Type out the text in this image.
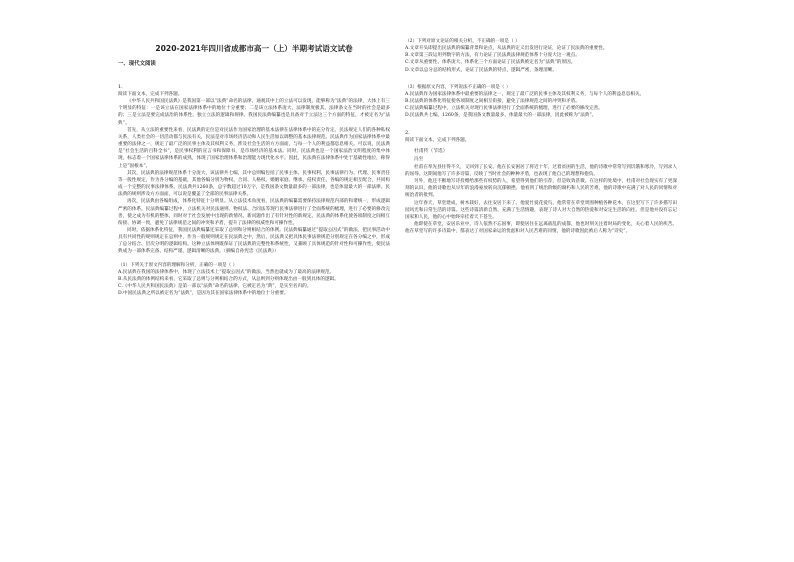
2020-2021年四川省成都市高一（上）半期考试语文试卷
一、现代文阅读
1.

阅读下面文本，完成下列各题。

《中华人民共和国民法典》是我国第一部以“法典”命名的法律，通观其中上的立法可以发现，能够称为“法典”的法律，大体上有三个明显的特征：一是该立法在国家法律体系中的地位十分重要；二是该立法体系庞大，法律制度极其，法律条文在当时的社会是最多的；三是立法是要完成法治的体系性，独立立法的逻辑和规律。我国民法典编纂也是具备对于立法这三个方面的特征，才被定名为“法典”。

首先，从立法的重要性来看，民法典的定位是对民法作为国家治理的基本法律在法律体系中的充分肯定。民法规定人们的各种私权关系，人类社会的一切活动都与民法有关，民法是对市场经济活动和人民生活加以调整的基本法律规范。民法典作为国家法律体系中最重要的法律之一，规定了最广泛的民事主体及其权利义务，涉及社会生活的方方面面，与每一个人的利益都息息相关。可以说，民法典是“社会生活的百科全书”，是民事权利的宣言书和保障书，是市场经济的基本法。同时，民法典也是一个国家法治文明程度的集中体现，标志着一个国家法律体系的成熟，体现了国家治理体系和治理能力现代化水平。因此，民法典在法律体系中处于基础性地位，称得上是“固根本”。

其次，民法典的法律规范体系十分庞大，该法律共七编，其中总则编包括了民事主体、民事权利、民事法律行为、代理、民事责任等一般性规定，作为各分编的基础，其他各编分别为物权、合同、人格权、婚姻家庭、继承、侵权责任。各编的规定相互配合，共同构成一个完整的民事法律体系。民法典共1260条，总字数超过10万字，是我国条文数量最多的一部法律，也是体量最大的一部法律。民法典的规则涉及方方面面，可以说是覆盖了全部的民事法律关系。

再次，民法典由各编组成，体系化特征十分明显。从立法技术角度看，民法典的编纂需要保持法律规范内部的和谐统一，形成逻辑严密的体系。民法典编纂过程中，立法机关对民法通则、物权法、合同法等现行民事法律进行了全面系统的梳理，进行了必要的修改完善，使之成为有机的整体，同时对于社会发展中出现的新情况、新问题作出了有针对性的新规定。民法典的体系化使各项制度之间相互衔接、协调一致，避免了法律规范之间的冲突和矛盾，提升了法律的权威性和可操作性。

同时，依据体系化特征，我国民法典编纂还采取了总则和分则相结合的体例。民法典编纂通过“提取公因式”的做法，把民事活动中具有共同性的规则规定在总则中，作为一般规则规定在民法典之中，然后，民法典又把具体民事法律规范分别规定在各分编之中，形成了总分结合、层次分明的逻辑结构。这种立法体例既保证了民法典的完整性和系统性，又兼顾了具体规范的针对性和可操作性，使民法典成为一部体系完备、结构严谨、逻辑清晰的法典。（摘编自孙宪忠《民法典》）

（1）下列关于原文内容的理解和分析，正确的一项是（ ）

A.民法典在我国的法律体系中，体现了立法技术上“提取公因式”的做法，当然也就成为了最高的法律规范。

B.从民法典的体例结构来看，它采取了总则与分则相结合的方式，从总则到分则体现出由一般到具体的逻辑。

C.《中华人民共和国民法典》是第一部以“法典”命名的法律，它被定名为“典”，是实至名归的。

D.中国民法典之所以被定名为“法典”，是因为其在国家法律体系中的地位十分重要。

（2）下列对原文论证的相关分析，不正确的一项是（ ）

A.文章开头即提出民法典的编纂背景和论点，从法典的定义出发进行论证，论证了民法典的重要性。

B.文章第三段运用列数字的方法，有力论证了民法典法律规范体系十分庞大这一观点。

C.文章从重要性、体系庞大、体系化三个方面论证了民法典被定名为“法典”的原因。

D.文章以总分总的结构形式，论证了民法典的特点，逻辑严密，条理清晰。

（3）根据原文内容，下列说法不正确的一项是（ ）

A.民法典作为国家法律体系中最重要的法律之一，规定了最广泛的民事主体及其权利义务，与每个人的利益息息相关。

B.民法典的体系化特征使各项制度之间相互衔接，避免了法律规范之间的冲突和矛盾。

C.民法典编纂过程中，立法机关对现行民事法律进行了全面系统的梳理，进行了必要的修改完善。

D.民法典共七编，1260条，是我国条文数量最多、体量最大的一部法律，因此被称为“法典”。

2.

阅读下面文本，完成下列各题。

杜甫传（节选）

冯至

杜甫在奉先县住得不久，又回到了长安。他在长安困居了将近十年，过着贫困的生活，他的诗歌中常常写到饥饿和寒冷，写到求人的屈辱。这期间他写了许多诗篇，反映了当时社会的种种矛盾，也表现了他自己的理想和抱负。

另外，他还不断地写诗投赠给那些有权势的人，希望得到他们的引荐，但是收效甚微。在这样的处境中，杜甫对社会现实有了更深刻的认识，他的诗歌也从早年的浪漫豪放转向沉郁顿挫。他看到了统治阶级的腐朽和人民的苦难，他的诗歌中充满了对人民的同情和对统治者的批判。

这年春天，草堂建成，树木栽好，去往安居下来了。他爱竹爱花爱鸟，他常常在草堂周围种植各种花木，在这里写下了许多描写田园风光和日常生活的诗篇。这些诗篇清新自然，充满了生活情趣，表现了诗人对大自然的热爱和对安定生活的向往。但是他并没有忘记国家和人民，他的心中始终牵挂着天下苍生。

他即使在草堂，安居乐业中，诗人依然不忘国事，即使居住在远离战乱的成都，他也时刻关注着时局的变化，关心着人民的疾苦。他在草堂写的许多诗篇中，都表达了对国家命运的忧虑和对人民苦难的同情，他的诗歌因此被后人称为“诗史”。
